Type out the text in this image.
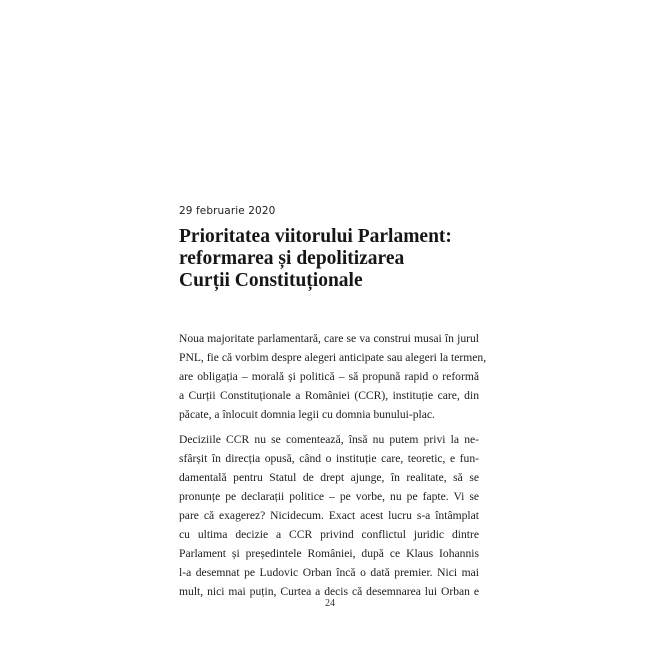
29 februarie 2020
Prioritatea viitorului Parlament:
reformarea și depolitizarea
Curții Constituționale
Noua majoritate parlamentară, care se va construi musai în jurul
PNL, fie că vorbim despre alegeri anticipate sau alegeri la termen,
are obligația – morală și politică – să propună rapid o reformă
a Curții Constituționale a României (CCR), instituție care, din
păcate, a înlocuit domnia legii cu domnia bunului-plac.
Deciziile CCR nu se comentează, însă nu putem privi la ne-
sfârșit în direcția opusă, când o instituție care, teoretic, e fun-
damentală pentru Statul de drept ajunge, în realitate, să se
pronunțe pe declarații politice – pe vorbe, nu pe fapte. Vi se
pare că exagerez? Nicidecum. Exact acest lucru s-a întâmplat
cu ultima decizie a CCR privind conflictul juridic dintre
Parlament și președintele României, după ce Klaus Iohannis
l-a desemnat pe Ludovic Orban încă o dată premier. Nici mai
mult, nici mai puțin, Curtea a decis că desemnarea lui Orban e
24
